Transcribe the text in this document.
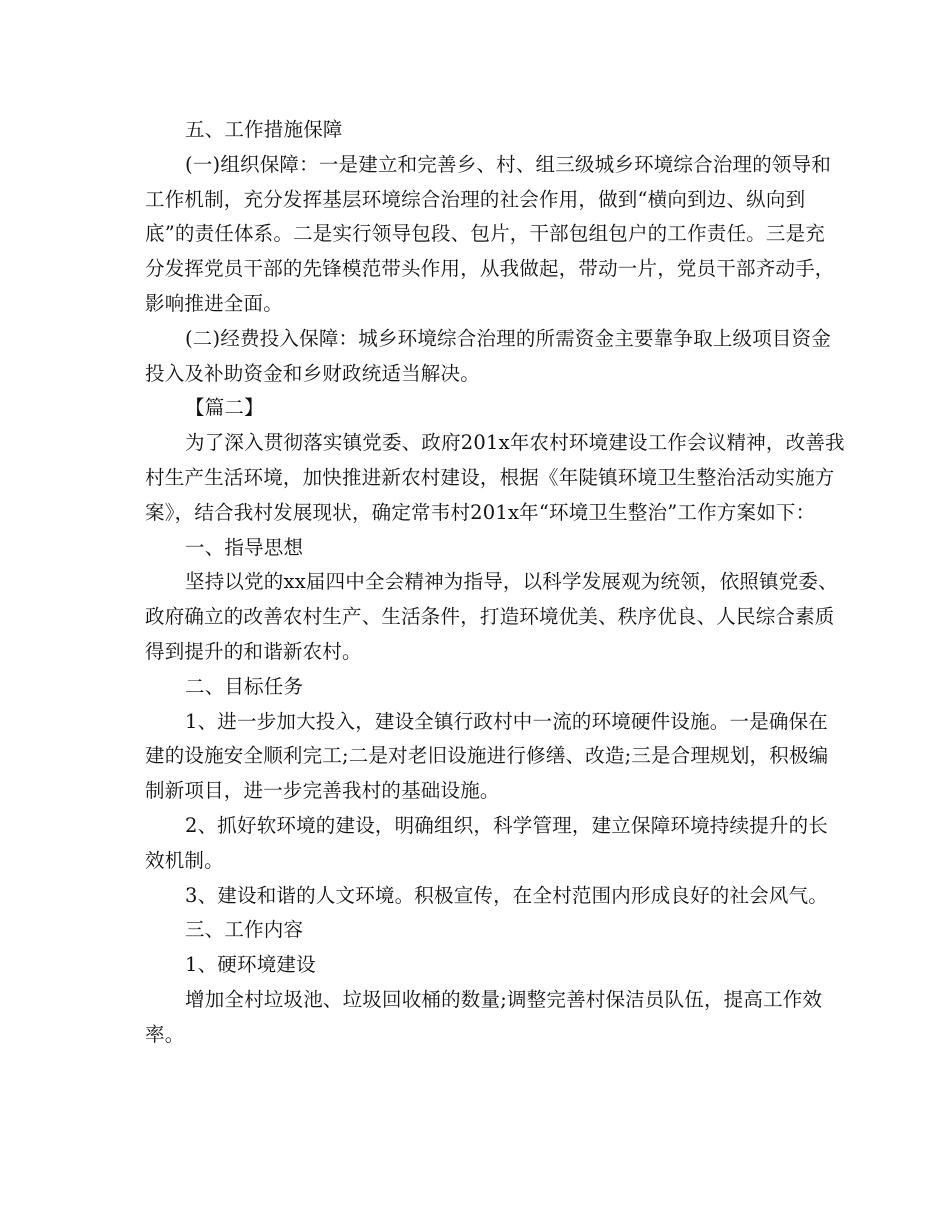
五、工作措施保障
(一)组织保障：一是建立和完善乡、村、组三级城乡环境综合治理的领导和
工作机制，充分发挥基层环境综合治理的社会作用，做到“横向到边、纵向到
底”的责任体系。二是实行领导包段、包片，干部包组包户的工作责任。三是充
分发挥党员干部的先锋模范带头作用，从我做起，带动一片，党员干部齐动手，
影响推进全面。
(二)经费投入保障：城乡环境综合治理的所需资金主要靠争取上级项目资金
投入及补助资金和乡财政统适当解决。
【篇二】
为了深入贯彻落实镇党委、政府201x年农村环境建设工作会议精神，改善我
村生产生活环境，加快推进新农村建设，根据《年陡镇环境卫生整治活动实施方
案》，结合我村发展现状，确定常韦村201x年“环境卫生整治”工作方案如下：
一、指导思想
坚持以党的xx届四中全会精神为指导，以科学发展观为统领，依照镇党委、
政府确立的改善农村生产、生活条件，打造环境优美、秩序优良、人民综合素质
得到提升的和谐新农村。
二、目标任务
1、进一步加大投入，建设全镇行政村中一流的环境硬件设施。一是确保在
建的设施安全顺利完工;二是对老旧设施进行修缮、改造;三是合理规划，积极编
制新项目，进一步完善我村的基础设施。
2、抓好软环境的建设，明确组织，科学管理，建立保障环境持续提升的长
效机制。
3、建设和谐的人文环境。积极宣传，在全村范围内形成良好的社会风气。
三、工作内容
1、硬环境建设
增加全村垃圾池、垃圾回收桶的数量;调整完善村保洁员队伍，提高工作效
率。
